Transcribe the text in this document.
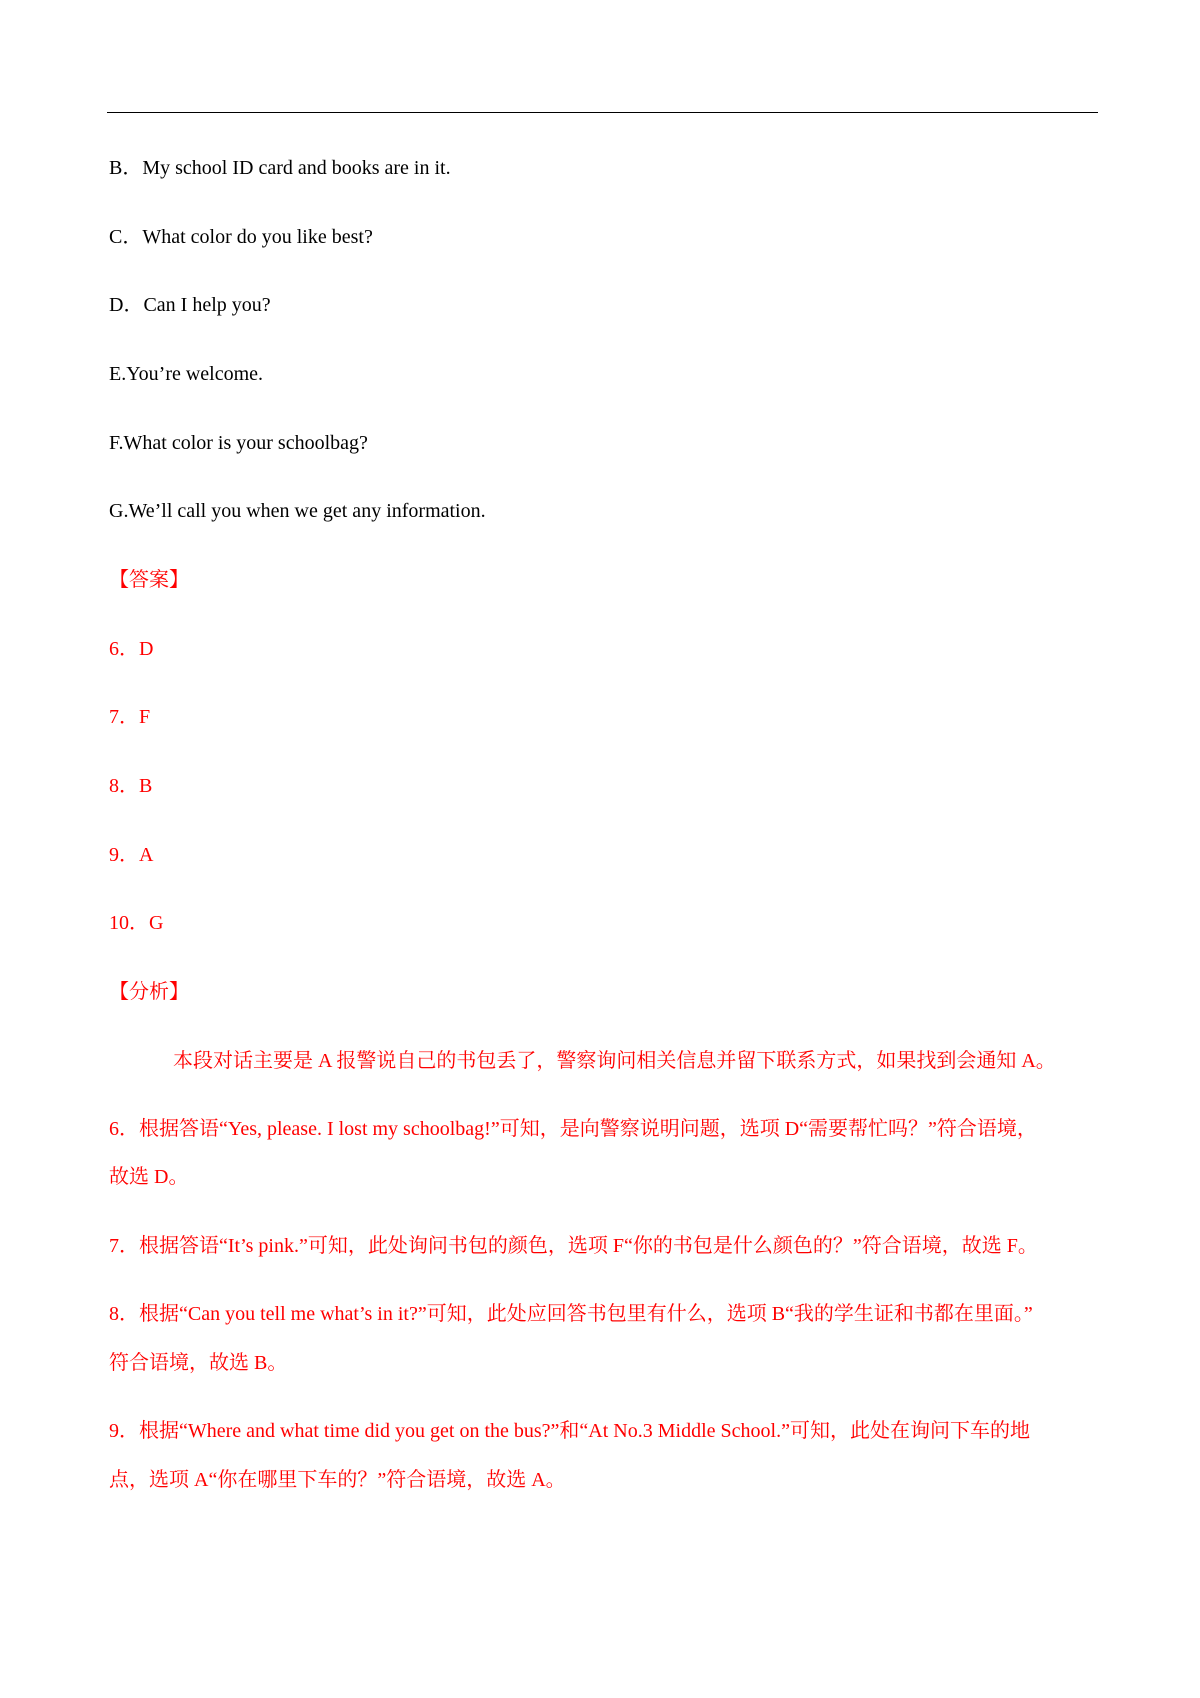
B．My school ID card and books are in it.
C．What color do you like best?
D．Can I help you?
E.You’re welcome.
F.What color is your schoolbag?
G.We’ll call you when we get any information.
【答案】
6．D
7．F
8．B
9．A
10．G
【分析】
本段对话主要是 A 报警说自己的书包丢了，警察询问相关信息并留下联系方式，如果找到会通知 A。
6．根据答语“Yes, please. I lost my schoolbag!”可知，是向警察说明问题，选项 D“需要帮忙吗？”符合语境，
故选 D。
7．根据答语“It’s pink.”可知，此处询问书包的颜色，选项 F“你的书包是什么颜色的？”符合语境，故选 F。
8．根据“Can you tell me what’s in it?”可知，此处应回答书包里有什么，选项 B“我的学生证和书都在里面。”
符合语境，故选 B。
9．根据“Where and what time did you get on the bus?”和“At No.3 Middle School.”可知，此处在询问下车的地
点，选项 A“你在哪里下车的？”符合语境，故选 A。
